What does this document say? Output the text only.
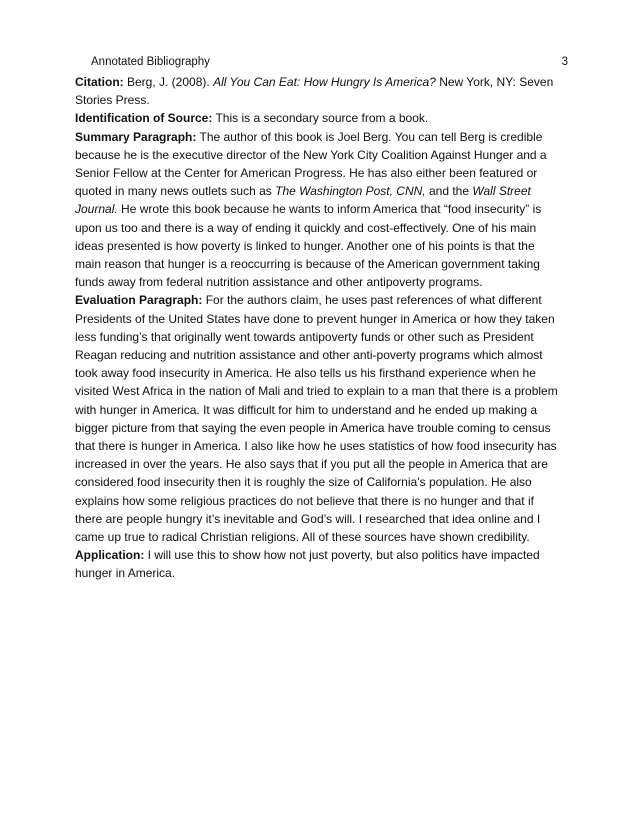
Annotated Bibliography	3

Citation: Berg, J. (2008). All You Can Eat: How Hungry Is America? New York, NY: Seven Stories Press.

Identification of Source: This is a secondary source from a book.

Summary Paragraph: The author of this book is Joel Berg. You can tell Berg is credible because he is the executive director of the New York City Coalition Against Hunger and a Senior Fellow at the Center for American Progress. He has also either been featured or quoted in many news outlets such as The Washington Post, CNN, and the Wall Street Journal. He wrote this book because he wants to inform America that “food insecurity” is upon us too and there is a way of ending it quickly and cost-effectively. One of his main ideas presented is how poverty is linked to hunger. Another one of his points is that the main reason that hunger is a reoccurring is because of the American government taking funds away from federal nutrition assistance and other antipoverty programs.

Evaluation Paragraph: For the authors claim, he uses past references of what different Presidents of the United States have done to prevent hunger in America or how they taken less funding’s that originally went towards antipoverty funds or other such as President Reagan reducing and nutrition assistance and other anti-poverty programs which almost took away food insecurity in America. He also tells us his firsthand experience when he visited West Africa in the nation of Mali and tried to explain to a man that there is a problem with hunger in America. It was difficult for him to understand and he ended up making a bigger picture from that saying the even people in America have trouble coming to census that there is hunger in America. I also like how he uses statistics of how food insecurity has increased in over the years. He also says that if you put all the people in America that are considered food insecurity then it is roughly the size of California’s population. He also explains how some religious practices do not believe that there is no hunger and that if there are people hungry it’s inevitable and God’s will. I researched that idea online and I came up true to radical Christian religions. All of these sources have shown credibility.

Application: I will use this to show how not just poverty, but also politics have impacted hunger in America.
